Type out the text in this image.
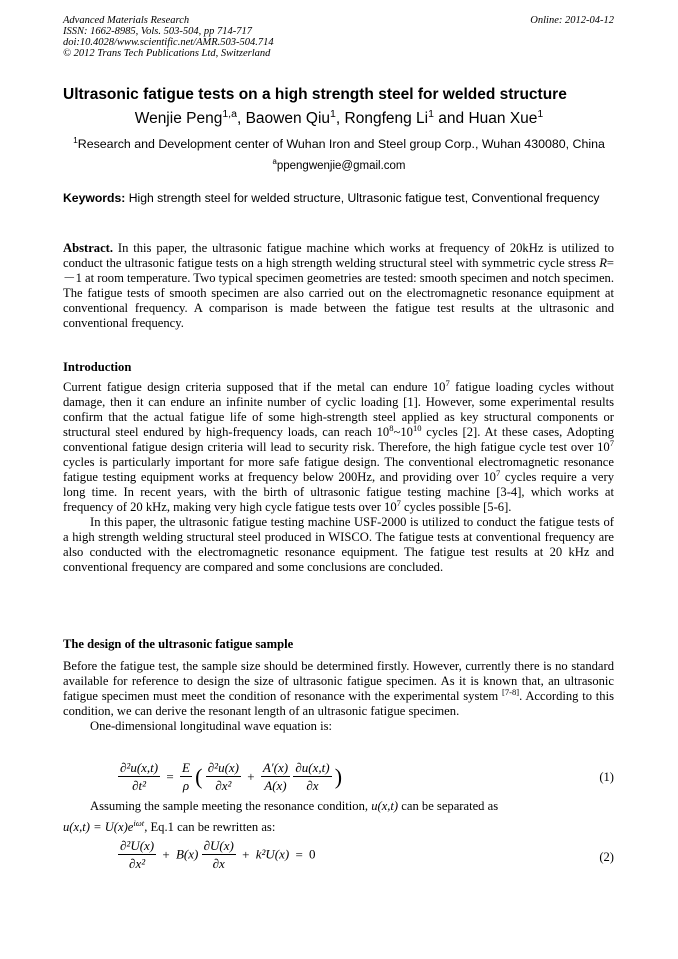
Advanced Materials Research
ISSN: 1662-8985, Vols. 503-504, pp 714-717
doi:10.4028/www.scientific.net/AMR.503-504.714
© 2012 Trans Tech Publications Ltd, Switzerland
Online: 2012-04-12
Ultrasonic fatigue tests on a high strength steel for welded structure
Wenjie Peng$^{1,a}$, Baowen Qiu$^1$, Rongfeng Li$^1$ and Huan Xue$^1$
$^1$Research and Development center of Wuhan Iron and Steel group Corp., Wuhan 430080, China
$^a$ppengwenjie@gmail.com
Keywords: High strength steel for welded structure, Ultrasonic fatigue test, Conventional frequency
Abstract. In this paper, the ultrasonic fatigue machine which works at frequency of 20kHz is utilized to conduct the ultrasonic fatigue tests on a high strength welding structural steel with symmetric cycle stress R=－1 at room temperature. Two typical specimen geometries are tested: smooth specimen and notch specimen. The fatigue tests of smooth specimen are also carried out on the electromagnetic resonance equipment at conventional frequency. A comparison is made between the fatigue test results at the ultrasonic and conventional frequency.
Introduction
Current fatigue design criteria supposed that if the metal can endure $10^7$ fatigue loading cycles without damage, then it can endure an infinite number of cyclic loading [1]. However, some experimental results confirm that the actual fatigue life of some high-strength steel applied as key structural components or structural steel endured by high-frequency loads, can reach $10^8\sim 10^{10}$ cycles [2]. At these cases, Adopting conventional fatigue design criteria will lead to security risk. Therefore, the high fatigue cycle test over $10^7$ cycles is particularly important for more safe fatigue design. The conventional electromagnetic resonance fatigue testing equipment works at frequency below 200Hz, and providing over $10^7$ cycles require a very long time. In recent years, with the birth of ultrasonic fatigue testing machine [3-4], which works at frequency of 20 kHz, making very high cycle fatigue tests over $10^7$ cycles possible [5-6].
In this paper, the ultrasonic fatigue testing machine USF-2000 is utilized to conduct the fatigue tests of a high strength welding structural steel produced in WISCO. The fatigue tests at conventional frequency are also conducted with the electromagnetic resonance equipment. The fatigue test results at 20 kHz and conventional frequency are compared and some conclusions are concluded.
The design of the ultrasonic fatigue sample
Before the fatigue test, the sample size should be determined firstly. However, currently there is no standard available for reference to design the size of ultrasonic fatigue specimen. As it is known that, an ultrasonic fatigue specimen must meet the condition of resonance with the experimental system [7-8]. According to this condition, we can derive the resonant length of an ultrasonic fatigue specimen.
One-dimensional longitudinal wave equation is:
$\frac{\text{∂²u(x,t)}}{\text{∂t²}} = \frac{E}{\rho}$ ( $\frac{\text{∂²u(x)}}{\text{∂x²}} + \frac{A'(x)}{A(x)}$
$\frac{\partial u(x,t)}{\partial x}$ )	(1)
Assuming the sample meeting the resonance condition, u(x,t) can be separated as
$u(x,t) = U(x)e^{i\omega t}$, Eq.1 can be rewritten as:
$\frac{\text{∂²U(x)}}{\text{∂x²}} + B(x) \frac{\partial U(x)}{\partial x} + k^2U(x) = 0$	(2)
